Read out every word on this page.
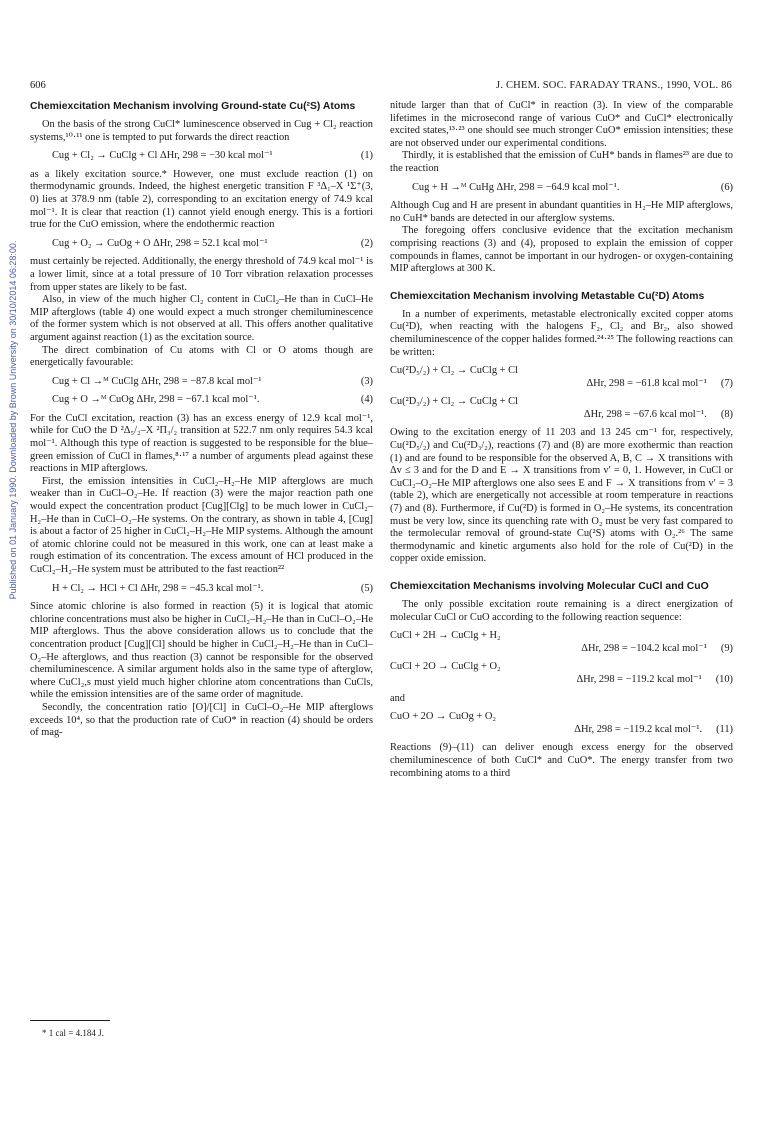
Published on 01 January 1990. Downloaded by Brown University on 30/10/2014 06:28:00.
606	J. CHEM. SOC. FARADAY TRANS., 1990, VOL. 86
Chemiexcitation Mechanism involving Ground-state Cu(²S) Atoms

On the basis of the strong CuCl* luminescence observed in Cug + Cl₂ reaction systems,¹⁰·¹¹ one is tempted to put forwards the direct reaction

Cug + Cl₂ → CuClg + Cl ΔHr, 298 = −30 kcal mol⁻¹	(1)

as a likely excitation source.* However, one must exclude reaction (1) on thermodynamic grounds. Indeed, the highest energetic transition F ³Δ₁–X ¹Σ⁺(3, 0) lies at 378.9 nm (table 2), corresponding to an excitation energy of 74.9 kcal mol⁻¹. It is clear that reaction (1) cannot yield enough energy. This is a fortiori true for the CuO emission, where the endothermic reaction

Cug + O₂ → CuOg + O ΔHr, 298 = 52.1 kcal mol⁻¹	(2)

must certainly be rejected. Additionally, the energy threshold of 74.9 kcal mol⁻¹ is a lower limit, since at a total pressure of 10 Torr vibration relaxation processes from upper states are likely to be fast.

Also, in view of the much higher Cl₂ content in CuCl₂–He than in CuCl–He MIP afterglows (table 4) one would expect a much stronger chemiluminescence of the former system which is not observed at all. This offers another qualitative argument against reaction (1) as the excitation source.

The direct combination of Cu atoms with Cl or O atoms though are energetically favourable:

Cug + Cl →ᴹ CuClg ΔHr, 298 = −87.8 kcal mol⁻¹	(3)
Cug + O →ᴹ CuOg ΔHr, 298 = −67.1 kcal mol⁻¹.	(4)

For the CuCl excitation, reaction (3) has an excess energy of 12.9 kcal mol⁻¹, while for CuO the D ²Δ₅/₂–X ²Π₃/₂ transition at 522.7 nm only requires 54.3 kcal mol⁻¹. Although this type of reaction is suggested to be responsible for the blue–green emission of CuCl in flames,⁸·¹⁷ a number of arguments plead against these reactions in MIP afterglows.

First, the emission intensities in CuCl₂–H₂–He MIP afterglows are much weaker than in CuCl–O₂–He. If reaction (3) were the major reaction path one would expect the concentration product [Cug][Clg] to be much lower in CuCl₂–H₂–He than in CuCl–O₂–He systems. On the contrary, as shown in table 4, [Cug] is about a factor of 25 higher in CuCl₂–H₂–He MIP systems. Although the amount of atomic chlorine could not be measured in this work, one can at least make a rough estimation of its concentration. The excess amount of HCl produced in the CuCl₂–H₂–He system must be attributed to the fast reaction²²

H + Cl₂ → HCl + Cl ΔHr, 298 = −45.3 kcal mol⁻¹.	(5)

Since atomic chlorine is also formed in reaction (5) it is logical that atomic chlorine concentrations must also be higher in CuCl₂–H₂–He than in CuCl–O₂–He MIP afterglows. Thus the above consideration allows us to conclude that the concentration product [Cug][Cl] should be higher in CuCl₂–H₂–He than in CuCl–O₂–He afterglows, and thus reaction (3) cannot be responsible for the observed chemiluminescence. A similar argument holds also in the same type of afterglow, where CuCl₂,s must yield much higher chlorine atom concentrations than CuCls, while the emission intensities are of the same order of magnitude.

Secondly, the concentration ratio [O]/[Cl] in CuCl–O₂–He MIP afterglows exceeds 10⁴, so that the production rate of CuO* in reaction (4) should be orders of mag-

nitude larger than that of CuCl* in reaction (3). In view of the comparable lifetimes in the microsecond range of various CuO* and CuCl* electronically excited states,¹³·²³ one should see much stronger CuO* emission intensities; these are not observed under our experimental conditions.

Thirdly, it is established that the emission of CuH* bands in flames²³ are due to the reaction

Cug + H →ᴹ CuHg ΔHr, 298 = −64.9 kcal mol⁻¹.	(6)

Although Cug and H are present in abundant quantities in H₂–He MIP afterglows, no CuH* bands are detected in our afterglow systems.

The foregoing offers conclusive evidence that the excitation mechanism comprising reactions (3) and (4), proposed to explain the emission of copper compounds in flames, cannot be important in our hydrogen- or oxygen-containing MIP afterglows at 300 K.

Chemiexcitation Mechanism involving Metastable Cu(²D) Atoms

In a number of experiments, metastable electronically excited copper atoms Cu(²D), when reacting with the halogens F₂, Cl₂ and Br₂, also showed chemiluminescence of the copper halides formed.²⁴·²⁵ The following reactions can be written:

Cu(²D₅/₂) + Cl₂ → CuClg + Cl
ΔHr, 298 = −61.8 kcal mol⁻¹ (7)
Cu(²D₃/₂) + Cl₂ → CuClg + Cl
ΔHr, 298 = −67.6 kcal mol⁻¹. (8)

Owing to the excitation energy of 11 203 and 13 245 cm⁻¹ for, respectively, Cu(²D₅/₂) and Cu(²D₃/₂), reactions (7) and (8) are more exothermic than reaction (1) and are found to be responsible for the observed A, B, C → X transitions with Δv ≤ 3 and for the D and E → X transitions from v′ = 0, 1. However, in CuCl or CuCl₂–O₂–He MIP afterglows one also sees E and F → X transitions from v′ = 3 (table 2), which are energetically not accessible at room temperature in reactions (7) and (8). Furthermore, if Cu(²D) is formed in O₂–He systems, its concentration must be very low, since its quenching rate with O₂ must be very fast compared to the termolecular removal of ground-state Cu(²S) atoms with O₂.²⁶ The same thermodynamic and kinetic arguments also hold for the role of Cu(²D) in the copper oxide emission.

Chemiexcitation Mechanisms involving Molecular CuCl and CuO

The only possible excitation route remaining is a direct energization of molecular CuCl or CuO according to the following reaction sequence:

CuCl + 2H → CuClg + H₂
ΔHr, 298 = −104.2 kcal mol⁻¹ (9)
CuCl + 2O → CuClg + O₂
ΔHr, 298 = −119.2 kcal mol⁻¹ (10)

and

CuO + 2O → CuOg + O₂
ΔHr, 298 = −119.2 kcal mol⁻¹. (11)

Reactions (9)–(11) can deliver enough excess energy for the observed chemiluminescence of both CuCl* and CuO*. The energy transfer from two recombining atoms to a third

* 1 cal = 4.184 J.
